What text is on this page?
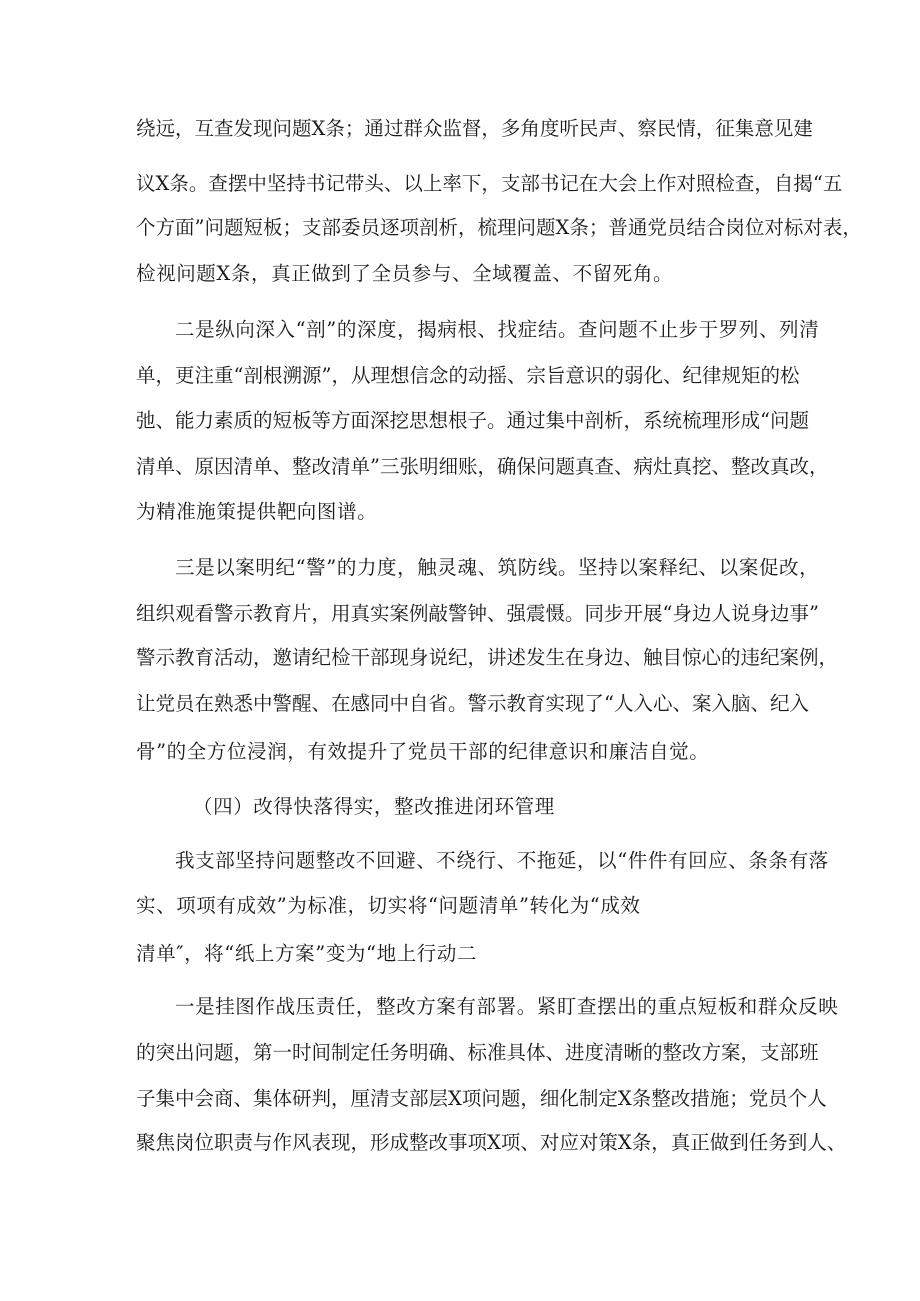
绕远，互查发现问题X条；通过群众监督，多角度听民声、察民情，征集意见建
议X条。查摆中坚持书记带头、以上率下，支部书记在大会上作对照检查，自揭“五
个方面”问题短板；支部委员逐项剖析，梳理问题X条；普通党员结合岗位对标对表，
检视问题X条，真正做到了全员参与、全域覆盖、不留死角。
二是纵向深入“剖”的深度，揭病根、找症结。查问题不止步于罗列、列清
单，更注重“剖根溯源”，从理想信念的动摇、宗旨意识的弱化、纪律规矩的松
弛、能力素质的短板等方面深挖思想根子。通过集中剖析，系统梳理形成“问题
清单、原因清单、整改清单”三张明细账，确保问题真查、病灶真挖、整改真改，
为精准施策提供靶向图谱。
三是以案明纪“警”的力度，触灵魂、筑防线。坚持以案释纪、以案促改，
组织观看警示教育片，用真实案例敲警钟、强震慑。同步开展“身边人说身边事”
警示教育活动，邀请纪检干部现身说纪，讲述发生在身边、触目惊心的违纪案例，
让党员在熟悉中警醒、在感同中自省。警示教育实现了“人入心、案入脑、纪入
骨”的全方位浸润，有效提升了党员干部的纪律意识和廉洁自觉。
（四）改得快落得实，整改推进闭环管理
我支部坚持问题整改不回避、不绕行、不拖延，以“件件有回应、条条有落
实、项项有成效”为标准，切实将“问题清单”转化为“成效
清单″，将“纸上方案”变为“地上行动二
一是挂图作战压责任，整改方案有部署。紧盯查摆出的重点短板和群众反映
的突出问题，第一时间制定任务明确、标准具体、进度清晰的整改方案，支部班
子集中会商、集体研判，厘清支部层X项问题，细化制定X条整改措施；党员个人
聚焦岗位职责与作风表现，形成整改事项X项、对应对策X条，真正做到任务到人、
